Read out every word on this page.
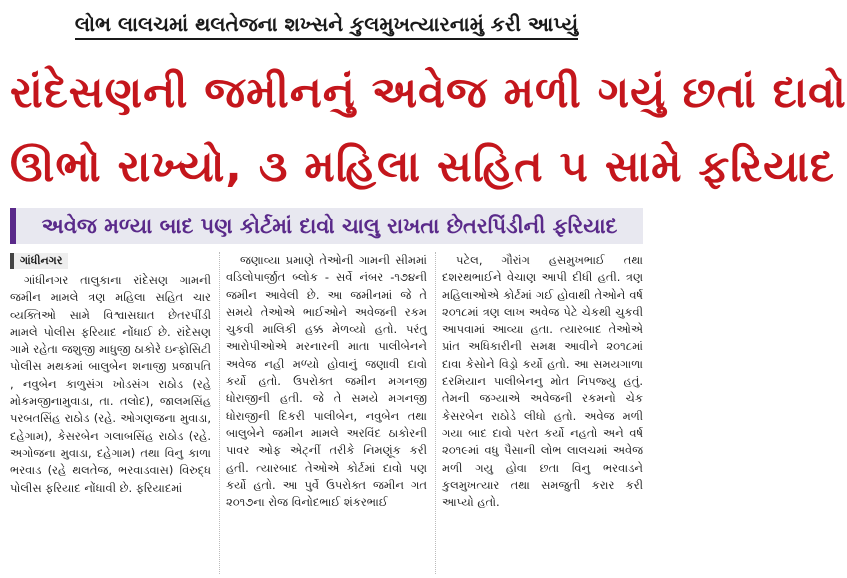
લોભ લાલચમાં થલતેજના શખ્સને કુલમુખત્યારનામું કરી આપ્યું
રાંદેસણની જમીનનું અવેજ મળી ગયું છતાં દાવો
ઊભો રાખ્યો, ૩ મહિલા સહિત ૫ સામે ફરિયાદ
અવેજ મળ્યા બાદ પણ કોર્ટમાં દાવો ચાલુ રાખતા છેતરપિંડીની ફરિયાદ
ગાંધીનગર

ગાંધીનગર તાલુકાના રાંદેસણ ગામની જમીન મામલે ત્રણ મહિલા સહિત ચાર વ્યક્તિઓ સામે વિશ્વાસઘાત છેતરપીંડી મામલે પોલીસ ફરિયાદ નોંધાઈ છે. રાંદેસણ ગામે રહેતા જશુજી માધુજી ઠાકોરે ઇન્ફોસિટી પોલીસ મથકમાં બાલુબેન શનાજી પ્રજાપતિ , નવુબેન કાળુસંગ ખોડસંગ રાઠોડ (રહે મોકમજીનામુવાડા, તા. તલોદ), જાલમસિંહ પરબતસિંહ રાઠોડ (રહે. ઓગણજના મુવાડા, દહેગામ), કેસરબેન ગલાબસિંહ રાઠોડ (રહે. અગોજના મુવાડા, દહેગામ) તથા વિનુ કાળા ભરવાડ (રહે થલતેજ, ભરવાડવાસ) વિરુદ્ધ પોલીસ ફરિયાદ નોંધાવી છે. ફરિયાદમાં

જણાવ્યા પ્રમાણે તેઓની ગામની સીમમાં વડિલોપાર્જીત બ્લોક - સર્વે નંબર -૧૭૪ની જમીન આવેલી છે. આ જમીનમાં જે તે સમયે તેઓએ ભાઈઓને અવેજની રકમ ચુકવી માલિકી હક્ક મેળવ્યો હતો. પરંતુ આરોપીઓએ મરનારની માતા પાલીબેનને અવેજ નહી મળ્યો હોવાનું જણાવી દાવો કર્યો હતો. ઉપરોક્ત જમીન મગનજી ધોરાજીની હતી. જે તે સમયે મગનજી ધોરાજીની દિકરી પાલીબેન, નવુબેન તથા બાલુબેને જમીન મામલે અરવિંદ ઠાકોરની પાવર ઓફ એટ્નીં તરીકે નિમણૂંક કરી હતી. ત્યારબાદ તેઓએ કોર્ટમાં દાવો પણ કર્યો હતો. આ પુર્વે ઉપરોક્ત જમીન ગત ૨૦૧૭ના રોજ વિનોદભાઈ શંકરભાઈ

પટેલ, ગૌરાંગ હસમુખભાઈ તથા દશરથભાઈને વેચાણ આપી દીધી હતી. ત્રણ મહિલાઓએ કોર્ટમાં ગઈ હોવાથી તેઓને વર્ષ ૨૦૧૮માં ત્રણ લાખ અવેજ પેટે ચેકથી ચુકવી આપવામાં આવ્યા હતા. ત્યારબાદ તેઓએ પ્રાંત અધિકારીની સમક્ષ આવીને ૨૦૧૮માં દાવા કેસોને વિડ્રો કર્યો હતો. આ સમયગાળા દરમિયાન પાલીબેનનુ મોત નિપજ્યુ હતું. તેમની જગ્યાએ અવેજની રકમનો ચેક કેસરબેન રાઠોડે લીધો હતો. અવેજ મળી ગયા બાદ દાવો પરત કર્યો નહતો અને વર્ષ ૨૦૧૯માં વધુ પૈસાની લોભ લાલચમાં અવેજ મળી ગયુ હોવા છતા વિનુ ભરવાડને કુલમુખત્યાર તથા સમજુતી કરાર કરી આપ્યો હતો.
